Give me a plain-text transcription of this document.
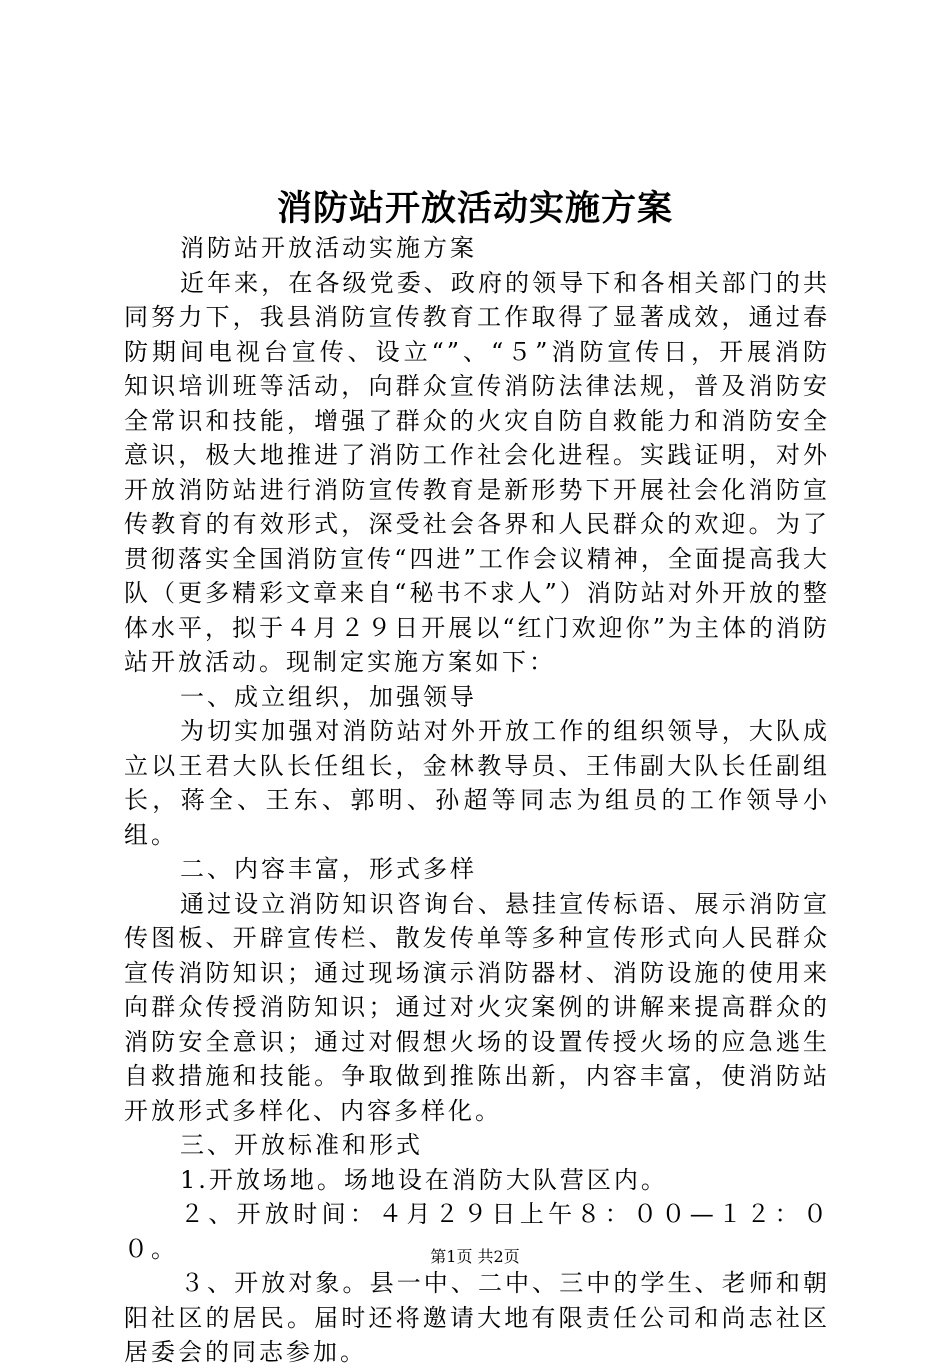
消防站开放活动实施方案

消防站开放活动实施方案

近年来，在各级党委、政府的领导下和各相关部门的共同努力下，我县消防宣传教育工作取得了显著成效，通过春防期间电视台宣传、设立“”、“５”消防宣传日，开展消防知识培训班等活动，向群众宣传消防法律法规，普及消防安全常识和技能，增强了群众的火灾自防自救能力和消防安全意识，极大地推进了消防工作社会化进程。实践证明，对外开放消防站进行消防宣传教育是新形势下开展社会化消防宣传教育的有效形式，深受社会各界和人民群众的欢迎。为了贯彻落实全国消防宣传“四进”工作会议精神，全面提高我大队（更多精彩文章来自“秘书不求人”）消防站对外开放的整体水平，拟于４月２９日开展以“红门欢迎你”为主体的消防站开放活动。现制定实施方案如下：

一、成立组织，加强领导

为切实加强对消防站对外开放工作的组织领导，大队成立以王君大队长任组长，金林教导员、王伟副大队长任副组长，蒋全、王东、郭明、孙超等同志为组员的工作领导小组。

二、内容丰富，形式多样

通过设立消防知识咨询台、悬挂宣传标语、展示消防宣传图板、开辟宣传栏、散发传单等多种宣传形式向人民群众宣传消防知识；通过现场演示消防器材、消防设施的使用来向群众传授消防知识；通过对火灾案例的讲解来提高群众的消防安全意识；通过对假想火场的设置传授火场的应急逃生自救措施和技能。争取做到推陈出新，内容丰富，使消防站开放形式多样化、内容多样化。

三、开放标准和形式

1.开放场地。场地设在消防大队营区内。

２、开放时间：４月２９日上午８：００—１２：００。

３、开放对象。县一中、二中、三中的学生、老师和朝阳社区的居民。届时还将邀请大地有限责任公司和尚志社区居委会的同志参加。

第1页 共2页
